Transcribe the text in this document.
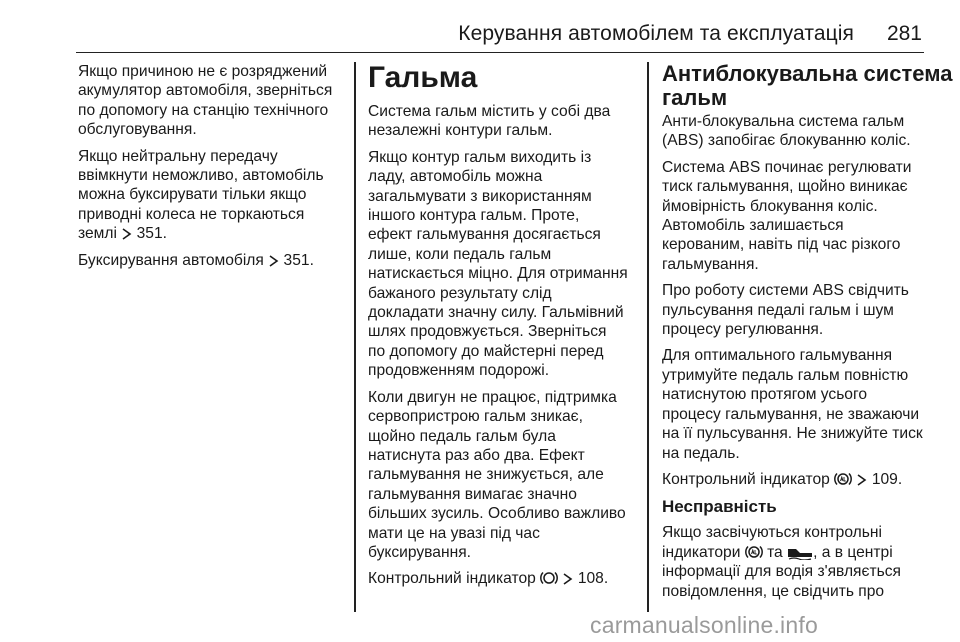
Керування автомобілем та експлуатація 281

Якщо причиною не є розряджений
акумулятор автомобіля, зверніться
по допомогу на станцію технічного
обслуговування.

Якщо нейтральну передачу
ввімкнути неможливо, автомобіль
можна буксирувати тільки якщо
приводні колеса не торкаються
землі 351.

Буксирування автомобіля 351.

Гальма

Система гальм містить у собі два
незалежні контури гальм.

Якщо контур гальм виходить із
ладу, автомобіль можна
загальмувати з використанням
іншого контура гальм. Проте,
ефект гальмування досягається
лише, коли педаль гальм
натискається міцно. Для отримання
бажаного результату слід
докладати значну силу. Гальмівний
шлях продовжується. Зверніться
по допомогу до майстерні перед
продовженням подорожі.

Коли двигун не працює, підтримка
сервопристрою гальм зникає,
щойно педаль гальм була
натиснута раз або два. Ефект
гальмування не знижується, але
гальмування вимагає значно
більших зусиль. Особливо важливо
мати це на увазі під час
буксирування.

Контрольний індикатор	108.

Антиблокувальна система
гальм

Анти-блокувальна система гальм
(ABS) запобігає блокуванню коліс.

Система ABS починає регулювати
тиск гальмування, щойно виникає
ймовірність блокування коліс.
Автомобіль залишається
керованим, навіть під час різкого
гальмування.

Про роботу системи ABS свідчить
пульсування педалі гальм і шум
процесу регулювання.

Для оптимального гальмування
утримуйте педаль гальм повністю
натиснутою протягом усього
процесу гальмування, не зважаючи
на її пульсування. Не знижуйте тиск
на педаль.

Контрольний індикатор	109.

Несправність

Якщо засвічуються контрольні
індикатори та , а в центрі
інформації для водія з'являється
повідомлення, це свідчить про

carmanualsonline.info
